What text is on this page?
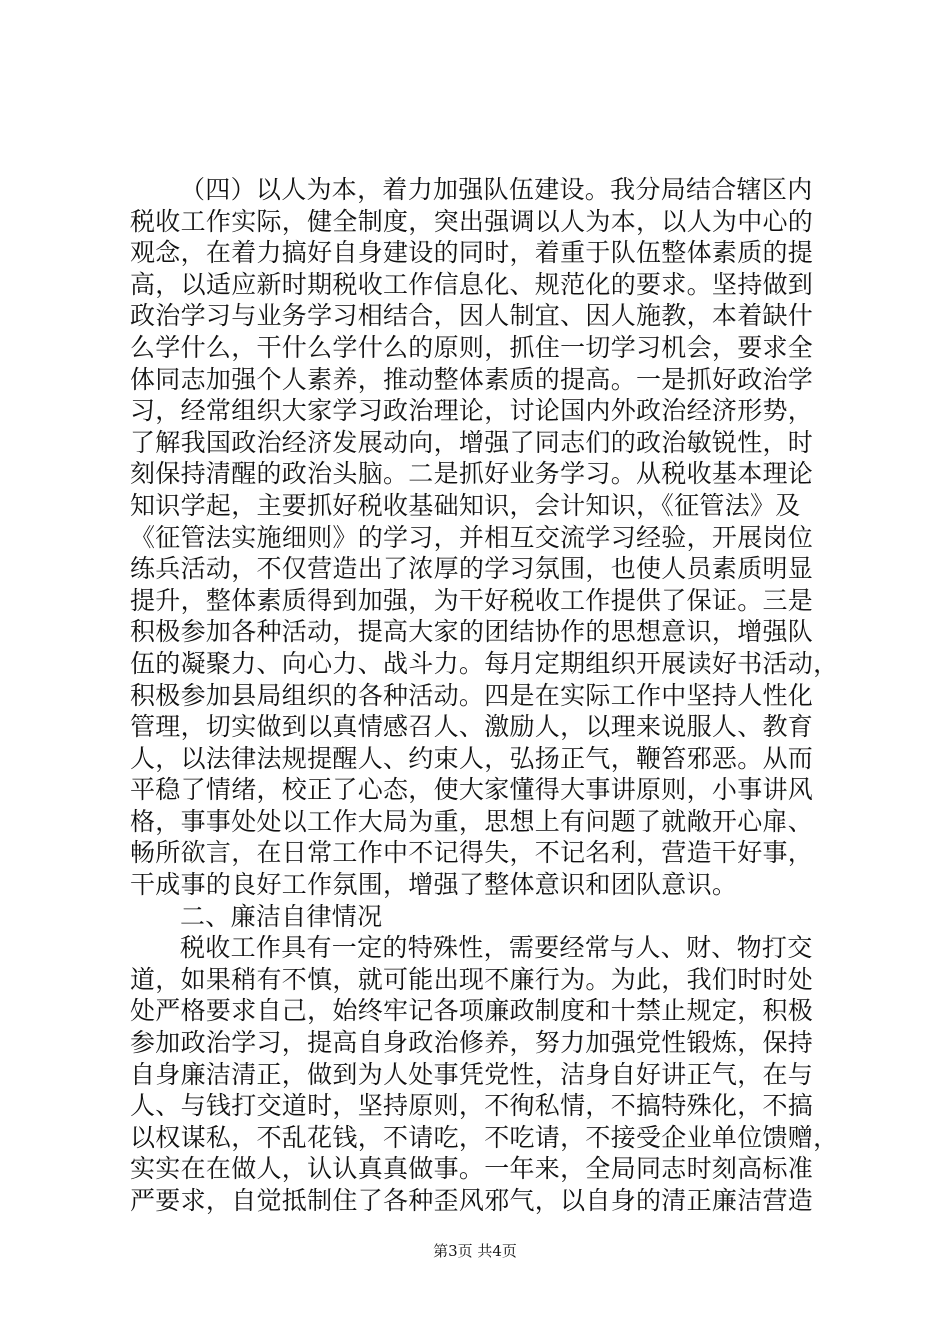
（四）以人为本，着力加强队伍建设。我分局结合辖区内
税收工作实际，健全制度，突出强调以人为本，以人为中心的
观念，在着力搞好自身建设的同时，着重于队伍整体素质的提
高，以适应新时期税收工作信息化、规范化的要求。坚持做到
政治学习与业务学习相结合，因人制宜、因人施教，本着缺什
么学什么，干什么学什么的原则，抓住一切学习机会，要求全
体同志加强个人素养，推动整体素质的提高。一是抓好政治学
习，经常组织大家学习政治理论，讨论国内外政治经济形势，
了解我国政治经济发展动向，增强了同志们的政治敏锐性，时
刻保持清醒的政治头脑。二是抓好业务学习。从税收基本理论
知识学起，主要抓好税收基础知识，会计知识，《征管法》及
《征管法实施细则》的学习，并相互交流学习经验，开展岗位
练兵活动，不仅营造出了浓厚的学习氛围，也使人员素质明显
提升，整体素质得到加强，为干好税收工作提供了保证。三是
积极参加各种活动，提高大家的团结协作的思想意识，增强队
伍的凝聚力、向心力、战斗力。每月定期组织开展读好书活动，
积极参加县局组织的各种活动。四是在实际工作中坚持人性化
管理，切实做到以真情感召人、激励人，以理来说服人、教育
人，以法律法规提醒人、约束人，弘扬正气，鞭笞邪恶。从而
平稳了情绪，校正了心态，使大家懂得大事讲原则，小事讲风
格，事事处处以工作大局为重，思想上有问题了就敞开心扉、
畅所欲言，在日常工作中不记得失，不记名利，营造干好事，
干成事的良好工作氛围，增强了整体意识和团队意识。
二、廉洁自律情况
税收工作具有一定的特殊性，需要经常与人、财、物打交
道，如果稍有不慎，就可能出现不廉行为。为此，我们时时处
处严格要求自己，始终牢记各项廉政制度和十禁止规定，积极
参加政治学习，提高自身政治修养，努力加强党性锻炼，保持
自身廉洁清正，做到为人处事凭党性，洁身自好讲正气，在与
人、与钱打交道时，坚持原则，不徇私情，不搞特殊化，不搞
以权谋私，不乱花钱，不请吃，不吃请，不接受企业单位馈赠，
实实在在做人，认认真真做事。一年来，全局同志时刻高标准
严要求，自觉抵制住了各种歪风邪气，以自身的清正廉洁营造
第3页 共4页
